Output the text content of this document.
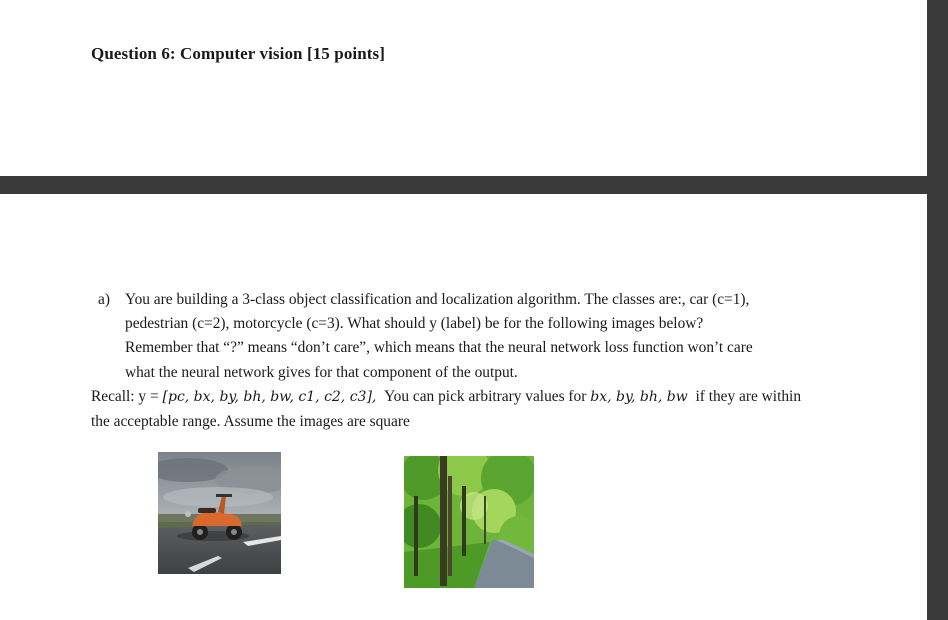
Question 6: Computer vision [15 points]
a) You are building a 3-class object classification and localization algorithm. The classes are:, car (c=1),
pedestrian (c=2), motorcycle (c=3). What should y (label) be for the following images below?
Remember that “?” means “don’t care”, which means that the neural network loss function won’t care
what the neural network gives for that component of the output.
Recall: y = [pc, bx, by, bh, bw, c1, c2, c3], You can pick arbitrary values for bx, by, bh, bw if they are within
the acceptable range. Assume the images are square
